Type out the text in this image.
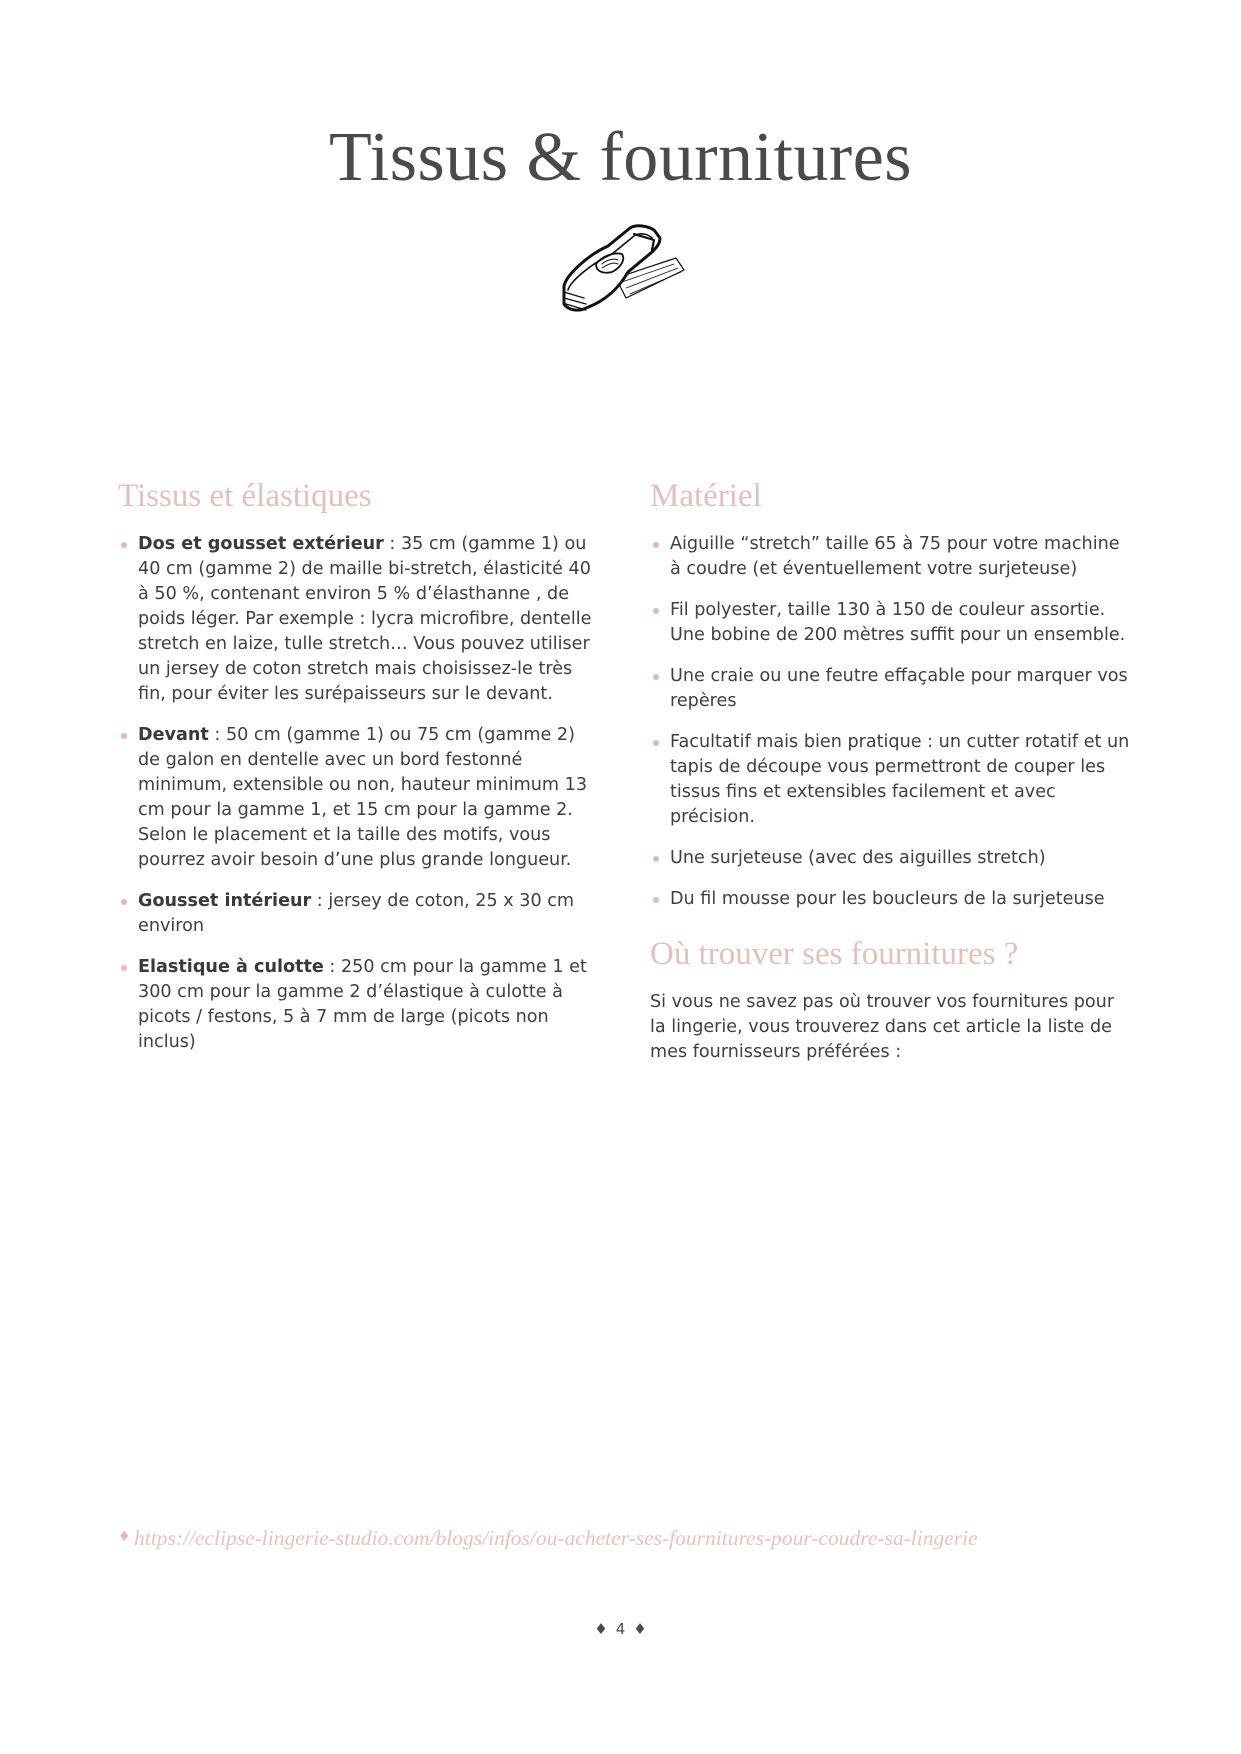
Tissus & fournitures
Tissus et élastiques
Dos et gousset extérieur : 35 cm (gamme 1) ou 40 cm (gamme 2) de maille bi-stretch, élasticité 40 à 50 %, contenant environ 5 % d’élasthanne , de poids léger. Par exemple : lycra microfibre, dentelle stretch en laize, tulle stretch… Vous pouvez utiliser un jersey de coton stretch mais choisissez-le très fin, pour éviter les surépaisseurs sur le devant.
Devant : 50 cm (gamme 1) ou 75 cm (gamme 2) de galon en dentelle avec un bord festonné minimum, extensible ou non, hauteur minimum 13 cm pour la gamme 1, et 15 cm pour la gamme 2. Selon le placement et la taille des motifs, vous pourrez avoir besoin d’une plus grande longueur.
Gousset intérieur : jersey de coton, 25 x 30 cm environ
Elastique à culotte : 250 cm pour la gamme 1 et 300 cm pour la gamme 2 d’élastique à culotte à picots / festons, 5 à 7 mm de large (picots non inclus)
Matériel
Aiguille “stretch” taille 65 à 75 pour votre machine à coudre (et éventuellement votre surjeteuse)
Fil polyester, taille 130 à 150 de couleur assortie. Une bobine de 200 mètres suffit pour un ensemble.
Une craie ou une feutre effaçable pour marquer vos repères
Facultatif mais bien pratique : un cutter rotatif et un tapis de découpe vous permettront de couper les tissus fins et extensibles facilement et avec précision.
Une surjeteuse (avec des aiguilles stretch)
Du fil mousse pour les boucleurs de la surjeteuse
Où trouver ses fournitures ?

Si vous ne savez pas où trouver vos fournitures pour la lingerie, vous trouverez dans cet article la liste de mes fournisseurs préférées :

♦ https://eclipse-lingerie-studio.com/blogs/infos/ou-acheter-ses-fournitures-pour-coudre-sa-lingerie
♦ 4 ♦
